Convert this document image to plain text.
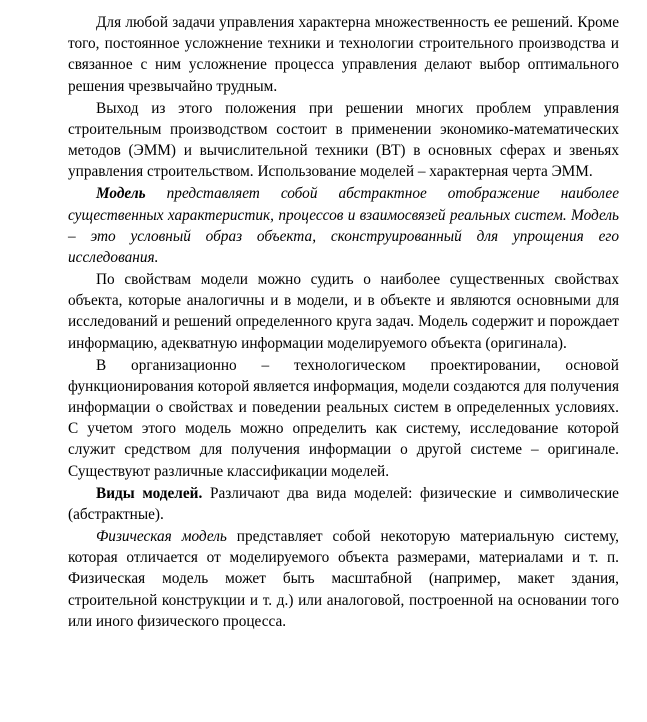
Для любой задачи управления характерна множественность ее решений. Кроме того, постоянное усложнение техники и технологии строительного производства и связанное с ним усложнение процесса управления делают выбор оптимального решения чрезвычайно трудным.

Выход из этого положения при решении многих проблем управления строительным производством состоит в применении экономико-математических методов (ЭММ) и вычислительной техники (ВТ) в основных сферах и звеньях управления строительством. Использование моделей – характерная черта ЭММ.

Модель представляет собой абстрактное отображение наиболее существенных характеристик, процессов и взаимосвязей реальных систем. Модель – это условный образ объекта, сконструированный для упрощения его исследования.

По свойствам модели можно судить о наиболее существенных свойствах объекта, которые аналогичны и в модели, и в объекте и являются основными для исследований и решений определенного круга задач. Модель содержит и порождает информацию, адекватную информации моделируемого объекта (оригинала).

В организационно – технологическом проектировании, основой функционирования которой является информация, модели создаются для получения информации о свойствах и поведении реальных систем в определенных условиях. С учетом этого модель можно определить как систему, исследование которой служит средством для получения информации о другой системе – оригинале. Существуют различные классификации моделей.

Виды моделей. Различают два вида моделей: физические и символические (абстрактные).

Физическая модель представляет собой некоторую материальную систему, которая отличается от моделируемого объекта размерами, материалами и т. п. Физическая модель может быть масштабной (например, макет здания, строительной конструкции и т. д.) или аналоговой, построенной на основании того или иного физического процесса.
